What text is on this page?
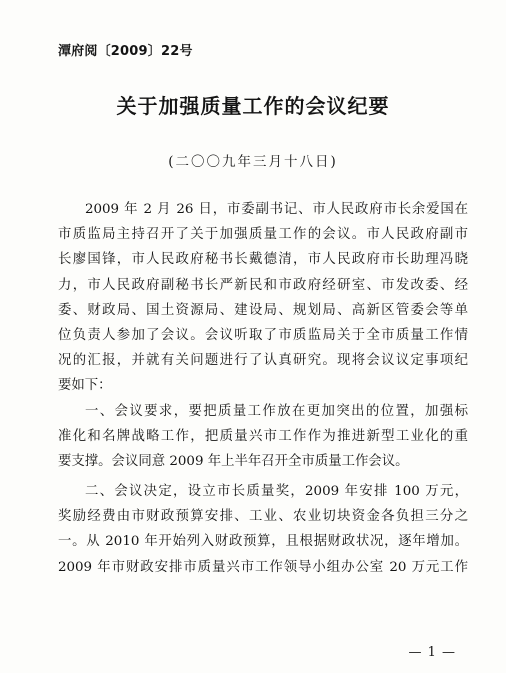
潭府阅〔2009〕22号
关于加强质量工作的会议纪要
(二〇〇九年三月十八日)
2009 年 2 月 26 日，市委副书记、市人民政府市长余爱国在
市质监局主持召开了关于加强质量工作的会议。市人民政府副市
长廖国锋，市人民政府秘书长戴德清，市人民政府市长助理冯晓
力，市人民政府副秘书长严新民和市政府经研室、市发改委、经
委、财政局、国土资源局、建设局、规划局、高新区管委会等单
位负责人参加了会议。会议听取了市质监局关于全市质量工作情
况的汇报，并就有关问题进行了认真研究。现将会议议定事项纪
要如下：
一、会议要求，要把质量工作放在更加突出的位置，加强标
准化和名牌战略工作，把质量兴市工作作为推进新型工业化的重
要支撑。会议同意 2009 年上半年召开全市质量工作会议。
二、会议决定，设立市长质量奖，2009 年安排 100 万元，
奖励经费由市财政预算安排、工业、农业切块资金各负担三分之
一。从 2010 年开始列入财政预算，且根据财政状况，逐年增加。
2009 年市财政安排市质量兴市工作领导小组办公室 20 万元工作
— 1 —
